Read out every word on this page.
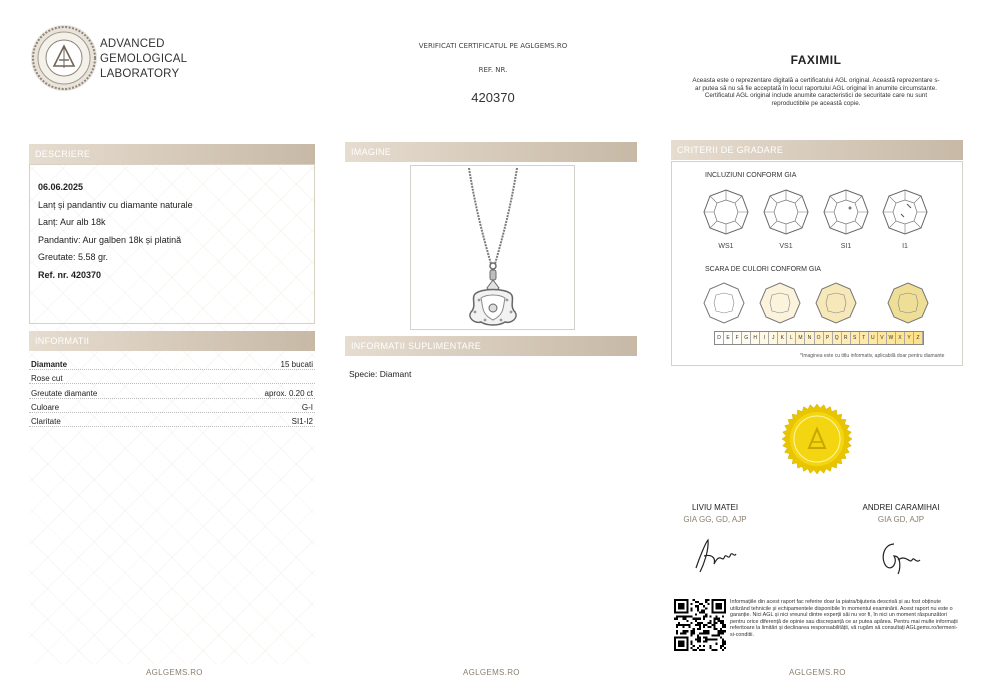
ADVANCED
GEMOLOGICAL
LABORATORY
VERIFICATI CERTIFICATUL PE AGLGEMS.RO
REF. NR.
420370
FAXIMIL
Aceasta este o reprezentare digitală a certificatului AGL original. Această reprezentare s-
ar putea să nu să fie acceptată în locul raportului AGL original în anumite circumstante.
Certificatul AGL original include anumite caracteristici de securitate care nu sunt
reproductibile pe această copie.
DESCRIERE
06.06.2025
Lanț și pandantiv cu diamante naturale
Lanț: Aur alb 18k
Pandantiv: Aur galben 18k și platină
Greutate: 5.58 gr.
Ref. nr. 420370
INFORMATII
Diamante	15 bucati
Rose cut
Greutate diamante	aprox. 0.20 ct
Culoare	G-I
Claritate	SI1-I2
AGLGEMS.RO
IMAGINE
INFORMATII SUPLIMENTARE
Specie: Diamant
AGLGEMS.RO
CRITERII DE GRADARE
INCLUZIUNI CONFORM GIA
WS1	VS1	SI1	I1
SCARA DE CULORI CONFORM GIA
D	E	F	G	H	I	J	K	L	M	N	O	P	Q	R	S	T	U	V	W	X	Y	Z
*Imaginea este cu titlu informativ, aplicabilă doar pentru diamante
LIVIU MATEI
GIA GG, GD, AJP
ANDREI CARAMIHAI
GIA GD, AJP
Informațiile din acest raport fac referire doar la piatra/bijuteria descrisă și au fost obținute utilizând tehnicile și echipamentele disponibile în momentul examinării. Acest raport nu este o garanție. Nici AGL și nici vreunul dintre experții săi nu vor fi, în nici un moment răspunzători pentru orice diferență de opinie sau discrepanță ce ar putea apărea. Pentru mai multe informații referitoare la limitări și declinarea responsabilității, vă rugăm să consultați AGLgems.ro/termeni-si-conditii.
AGLGEMS.RO
